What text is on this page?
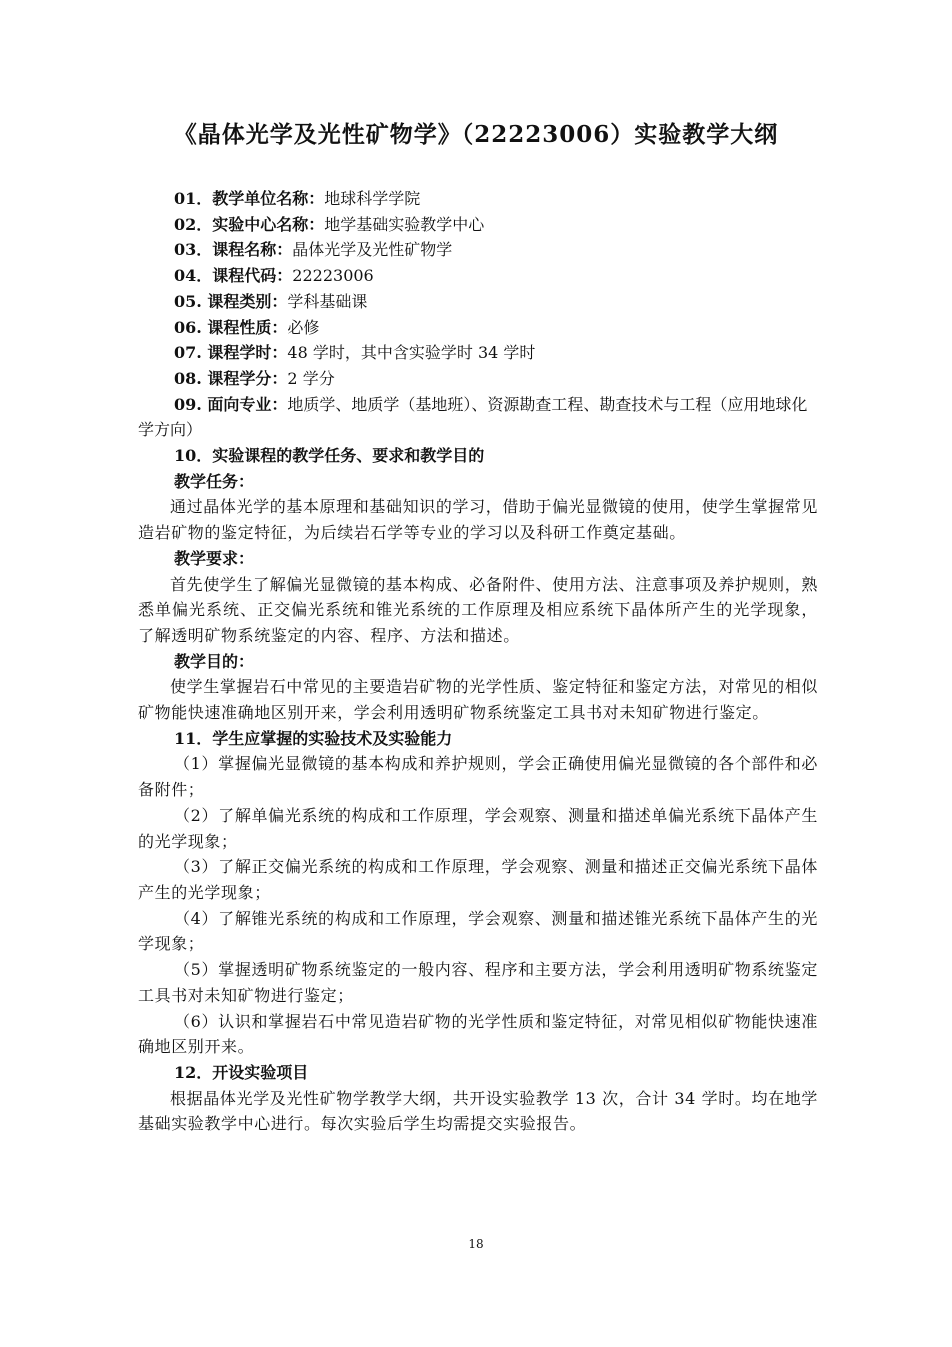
《晶体光学及光性矿物学》（22223006）实验教学大纲

01．教学单位名称：地球科学学院

02．实验中心名称：地学基础实验教学中心

03．课程名称：晶体光学及光性矿物学

04．课程代码：22223006

05. 课程类别：学科基础课

06. 课程性质：必修

07. 课程学时：48 学时，其中含实验学时 34 学时

08. 课程学分：2 学分

09. 面向专业：地质学、地质学（基地班）、资源勘查工程、勘查技术与工程（应用地球化学方向）

10．实验课程的教学任务、要求和教学目的

教学任务：

通过晶体光学的基本原理和基础知识的学习，借助于偏光显微镜的使用，使学生掌握常见造岩矿物的鉴定特征，为后续岩石学等专业的学习以及科研工作奠定基础。

教学要求：

首先使学生了解偏光显微镜的基本构成、必备附件、使用方法、注意事项及养护规则，熟悉单偏光系统、正交偏光系统和锥光系统的工作原理及相应系统下晶体所产生的光学现象，了解透明矿物系统鉴定的内容、程序、方法和描述。

教学目的：

使学生掌握岩石中常见的主要造岩矿物的光学性质、鉴定特征和鉴定方法，对常见的相似矿物能快速准确地区别开来，学会利用透明矿物系统鉴定工具书对未知矿物进行鉴定。

11．学生应掌握的实验技术及实验能力

（1）掌握偏光显微镜的基本构成和养护规则，学会正确使用偏光显微镜的各个部件和必备附件；

（2）了解单偏光系统的构成和工作原理，学会观察、测量和描述单偏光系统下晶体产生的光学现象；

（3）了解正交偏光系统的构成和工作原理，学会观察、测量和描述正交偏光系统下晶体产生的光学现象；

（4）了解锥光系统的构成和工作原理，学会观察、测量和描述锥光系统下晶体产生的光学现象；

（5）掌握透明矿物系统鉴定的一般内容、程序和主要方法，学会利用透明矿物系统鉴定工具书对未知矿物进行鉴定；

（6）认识和掌握岩石中常见造岩矿物的光学性质和鉴定特征，对常见相似矿物能快速准确地区别开来。

12．开设实验项目

根据晶体光学及光性矿物学教学大纲，共开设实验教学 13 次，合计 34 学时。均在地学基础实验教学中心进行。每次实验后学生均需提交实验报告。

18
